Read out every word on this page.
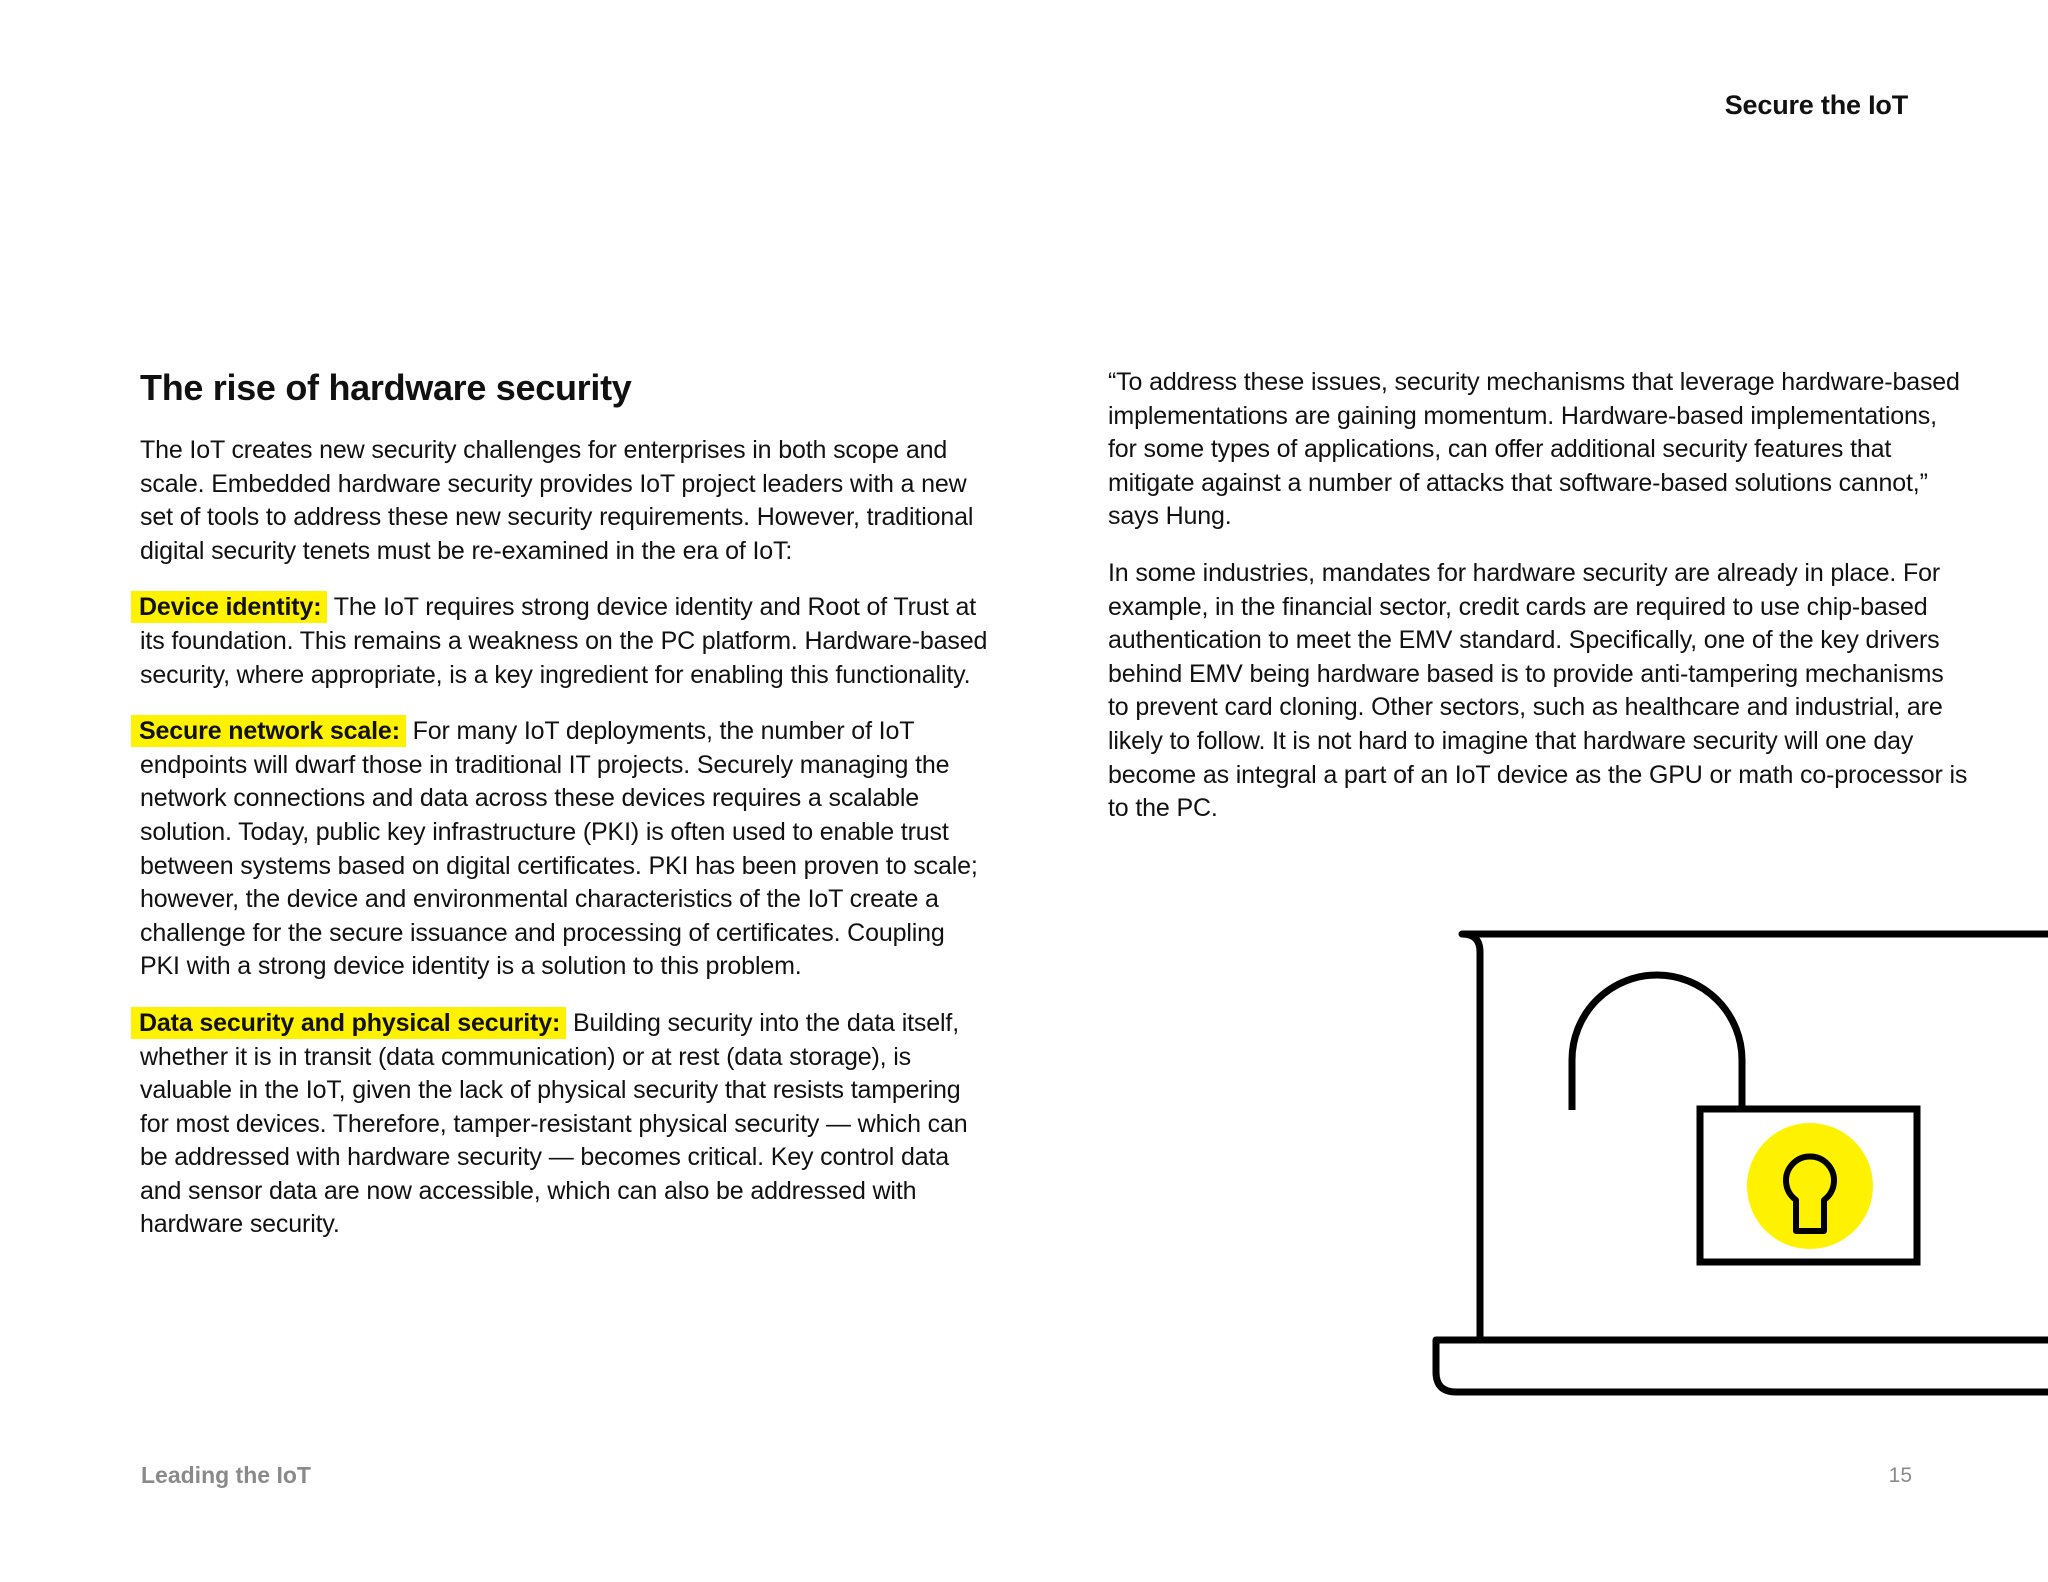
Secure the IoT
The rise of hardware security

The IoT creates new security challenges for enterprises in both scope and scale. Embedded hardware security provides IoT project leaders with a new set of tools to address these new security requirements. However, traditional digital security tenets must be re-examined in the era of IoT:

Device identity: The IoT requires strong device identity and Root of Trust at its foundation. This remains a weakness on the PC platform. Hardware-based security, where appropriate, is a key ingredient for enabling this functionality.

Secure network scale: For many IoT deployments, the number of IoT endpoints will dwarf those in traditional IT projects. Securely managing the network connections and data across these devices requires a scalable solution. Today, public key infrastructure (PKI) is often used to enable trust between systems based on digital certificates. PKI has been proven to scale; however, the device and environmental characteristics of the IoT create a challenge for the secure issuance and processing of certificates. Coupling PKI with a strong device identity is a solution to this problem.

Data security and physical security: Building security into the data itself, whether it is in transit (data communication) or at rest (data storage), is valuable in the IoT, given the lack of physical security that resists tampering for most devices. Therefore, tamper-resistant physical security — which can be addressed with hardware security — becomes critical. Key control data and sensor data are now accessible, which can also be addressed with hardware security.

“To address these issues, security mechanisms that leverage hardware-based implementations are gaining momentum. Hardware-based implementations, for some types of applications, can offer additional security features that mitigate against a number of attacks that software-based solutions cannot,” says Hung.

In some industries, mandates for hardware security are already in place. For example, in the financial sector, credit cards are required to use chip-based authentication to meet the EMV standard. Specifically, one of the key drivers behind EMV being hardware based is to provide anti-tampering mechanisms to prevent card cloning. Other sectors, such as healthcare and industrial, are likely to follow. It is not hard to imagine that hardware security will one day become as integral a part of an IoT device as the GPU or math co-processor is to the PC.

Leading the IoT	15
